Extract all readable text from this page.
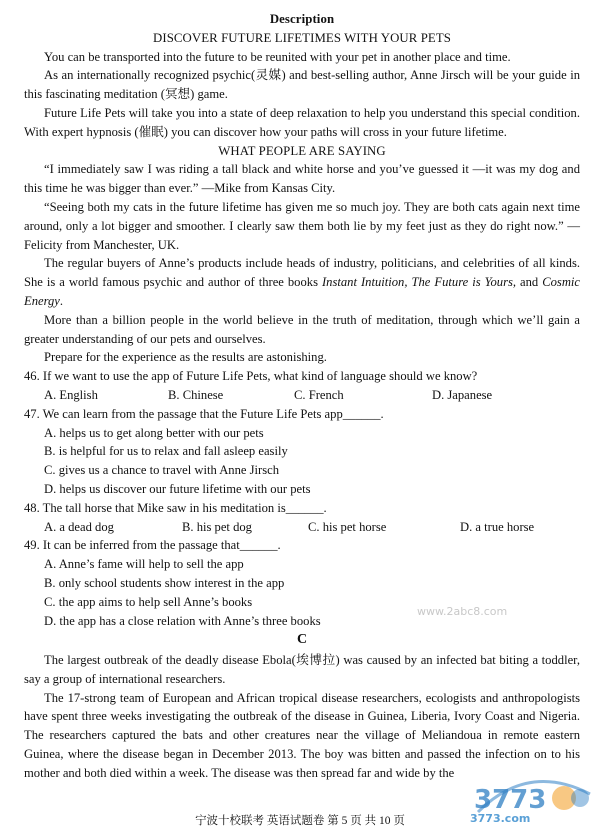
Description
DISCOVER FUTURE LIFETIMES WITH YOUR PETS

You can be transported into the future to be reunited with your pet in another place and time.

As an internationally recognized psychic(灵媒) and best-selling author, Anne Jirsch will be your guide in this fascinating meditation (冥想) game.

Future Life Pets will take you into a state of deep relaxation to help you understand this special condition. With expert hypnosis (催眠) you can discover how your paths will cross in your future lifetime.

WHAT PEOPLE ARE SAYING

“I immediately saw I was riding a tall black and white horse and you’ve guessed it —it was my dog and this time he was bigger than ever.” —Mike from Kansas City.

“Seeing both my cats in the future lifetime has given me so much joy. They are both cats again next time around, only a lot bigger and smoother. I clearly saw them both lie by my feet just as they do right now.” —Felicity from Manchester, UK.

The regular buyers of Anne’s products include heads of industry, politicians, and celebrities of all kinds. She is a world famous psychic and author of three books Instant Intuition, The Future is Yours, and Cosmic Energy.

More than a billion people in the world believe in the truth of meditation, through which we’ll gain a greater understanding of our pets and ourselves.

Prepare for the experience as the results are astonishing.

46. If we want to use the app of Future Life Pets, what kind of language should we know?
A. English	B. Chinese	C. French	D. Japanese
47. We can learn from the passage that the Future Life Pets app______.
A. helps us to get along better with our pets
B. is helpful for us to relax and fall asleep easily
C. gives us a chance to travel with Anne Jirsch
D. helps us discover our future lifetime with our pets
48. The tall horse that Mike saw in his meditation is______.
A. a dead dog	B. his pet dog	C. his pet horse	D. a true horse
49. It can be inferred from the passage that______.
A. Anne’s fame will help to sell the app
B. only school students show interest in the app
C. the app aims to help sell Anne’s books
D. the app has a close relation with Anne’s three books
C

The largest outbreak of the deadly disease Ebola(埃博拉) was caused by an infected bat biting a toddler, say a group of international researchers.

The 17-strong team of European and African tropical disease researchers, ecologists and anthropologists have spent three weeks investigating the outbreak of the disease in Guinea, Liberia, Ivory Coast and Nigeria. The researchers captured the bats and other creatures near the village of Meliandoua in remote eastern Guinea, where the disease began in December 2013. The boy was bitten and passed the infection on to his mother and both died within a week. The disease was then spread far and wide by the

www.2abc8.com
3773
3773.com
宁波十校联考 英语试题卷 第 5 页 共 10 页
